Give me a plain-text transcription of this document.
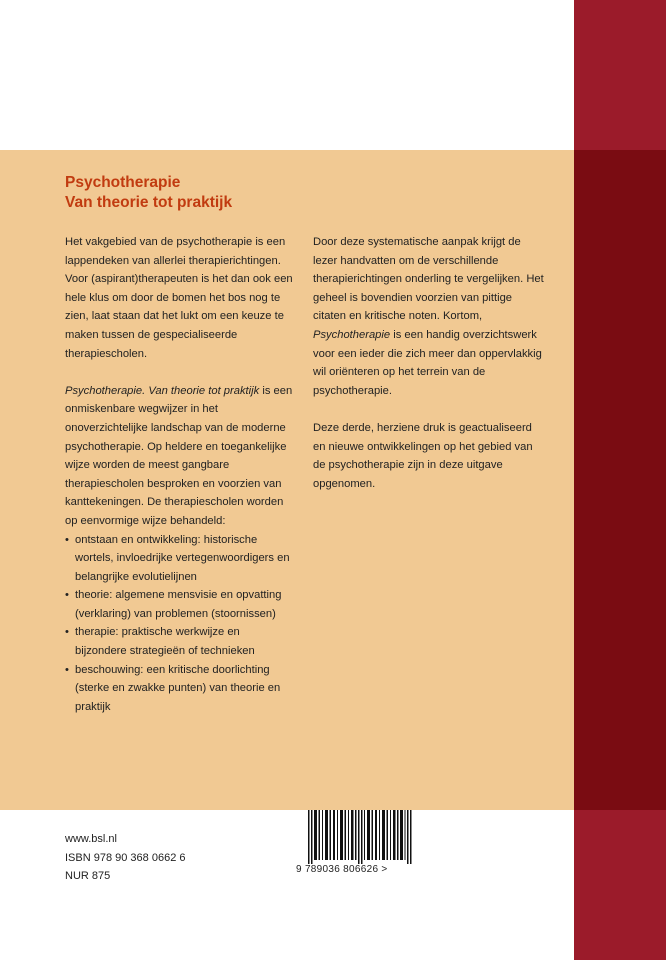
Psychotherapie
Van theorie tot praktijk

Het vakgebied van de psychotherapie is een lappendeken van allerlei therapierichtingen. Voor (aspirant)therapeuten is het dan ook een hele klus om door de bomen het bos nog te zien, laat staan dat het lukt om een keuze te maken tussen de gespecialiseerde therapiescholen.

Psychotherapie. Van theorie tot praktijk is een onmiskenbare wegwijzer in het onoverzichtelijke landschap van de moderne psychotherapie. Op heldere en toegankelijke wijze worden de meest gangbare therapiescholen besproken en voorzien van kanttekeningen. De therapiescholen worden op eenvormige wijze behandeld:

• ontstaan en ontwikkeling: historische wortels, invloedrijke vertegenwoordigers en belangrijke evolutielijnen
• theorie: algemene mensvisie en opvatting (verklaring) van problemen (stoornissen)
• therapie: praktische werkwijze en bijzondere strategieën of technieken
• beschouwing: een kritische doorlichting (sterke en zwakke punten) van theorie en praktijk

Door deze systematische aanpak krijgt de lezer handvatten om de verschillende therapierichtingen onderling te vergelijken. Het geheel is bovendien voorzien van pittige citaten en kritische noten. Kortom, Psychotherapie is een handig overzichtswerk voor een ieder die zich meer dan oppervlakkig wil oriënteren op het terrein van de psychotherapie.

Deze derde, herziene druk is geactualiseerd en nieuwe ontwikkelingen op het gebied van de psychotherapie zijn in deze uitgave opgenomen.

www.bsl.nl
ISBN 978 90 368 0662 6
NUR 875
9 789036 806626 >
